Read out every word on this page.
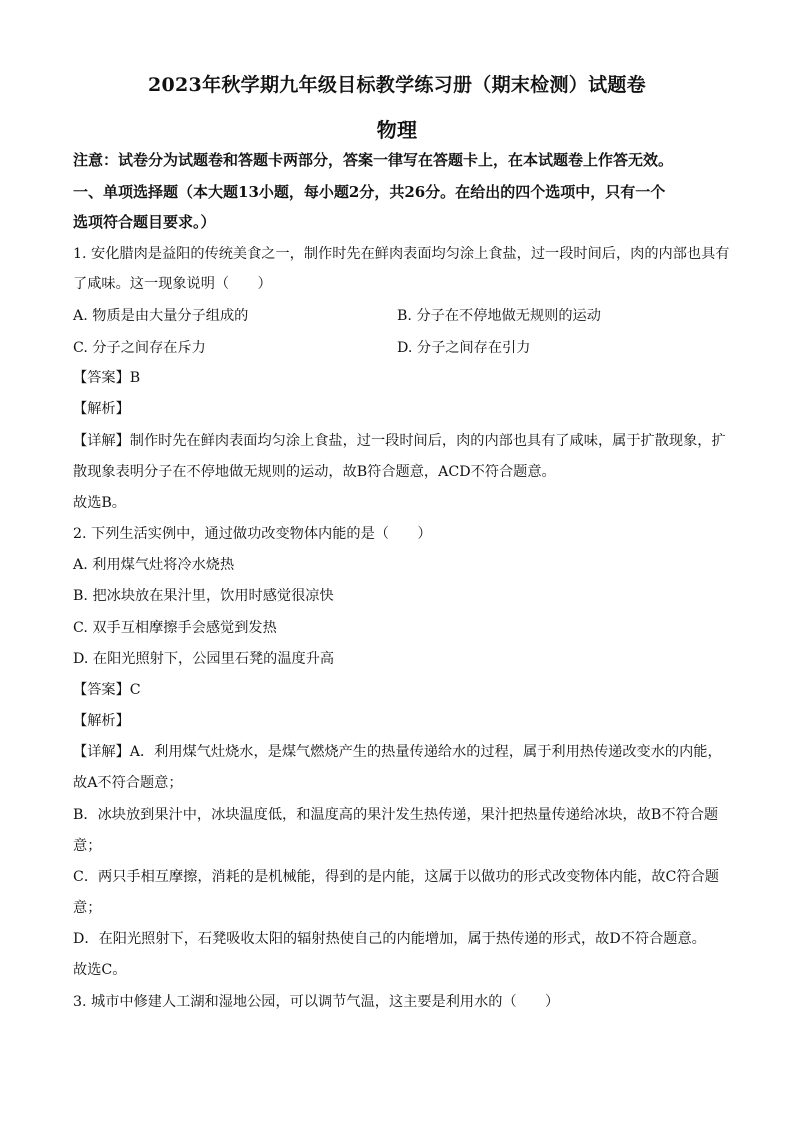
2023年秋学期九年级目标教学练习册（期末检测）试题卷
物理
注意：试卷分为试题卷和答题卡两部分，答案一律写在答题卡上，在本试题卷上作答无效。
一、单项选择题（本大题13小题，每小题2分，共26分。在给出的四个选项中，只有一个
选项符合题目要求。）
1. 安化腊肉是益阳的传统美食之一，制作时先在鲜肉表面均匀涂上食盐，过一段时间后，肉的内部也具有
了咸味。这一现象说明（　　）
A. 物质是由大量分子组成的	B. 分子在不停地做无规则的运动
C. 分子之间存在斥力	D. 分子之间存在引力
【答案】B
【解析】
【详解】制作时先在鲜肉表面均匀涂上食盐，过一段时间后，肉的内部也具有了咸味，属于扩散现象，扩
散现象表明分子在不停地做无规则的运动，故B符合题意，ACD不符合题意。
故选B。
2. 下列生活实例中，通过做功改变物体内能的是（　　）
A. 利用煤气灶将冷水烧热
B. 把冰块放在果汁里，饮用时感觉很凉快
C. 双手互相摩擦手会感觉到发热
D. 在阳光照射下，公园里石凳的温度升高
【答案】C
【解析】
【详解】A．利用煤气灶烧水，是煤气燃烧产生的热量传递给水的过程，属于利用热传递改变水的内能，
故A不符合题意；
B．冰块放到果汁中，冰块温度低，和温度高的果汁发生热传递，果汁把热量传递给冰块，故B不符合题
意；
C．两只手相互摩擦，消耗的是机械能，得到的是内能，这属于以做功的形式改变物体内能，故C符合题
意；
D．在阳光照射下，石凳吸收太阳的辐射热使自己的内能增加，属于热传递的形式，故D不符合题意。
故选C。
3. 城市中修建人工湖和湿地公园，可以调节气温，这主要是利用水的（　　）
